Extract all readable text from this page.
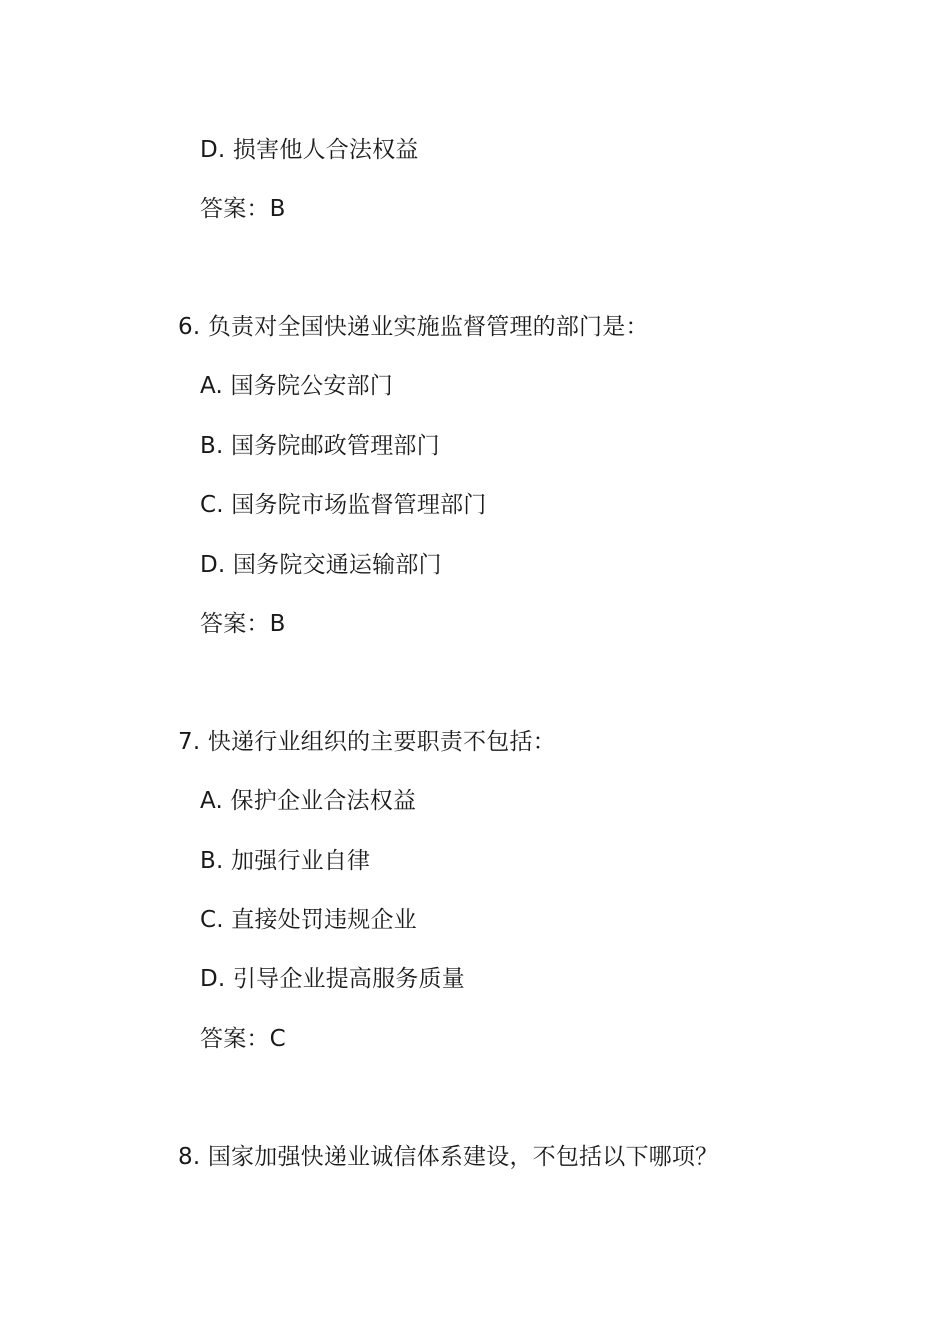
D. 损害他人合法权益
答案：B
6. 负责对全国快递业实施监督管理的部门是：
A. 国务院公安部门
B. 国务院邮政管理部门
C. 国务院市场监督管理部门
D. 国务院交通运输部门
答案：B
7. 快递行业组织的主要职责不包括：
A. 保护企业合法权益
B. 加强行业自律
C. 直接处罚违规企业
D. 引导企业提高服务质量
答案：C
8. 国家加强快递业诚信体系建设，不包括以下哪项？
